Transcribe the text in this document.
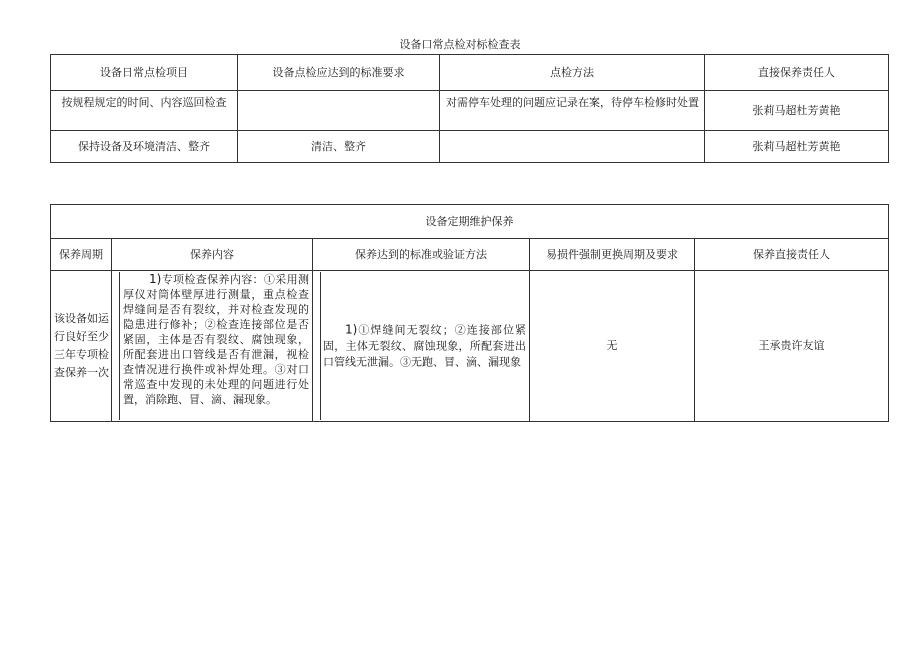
设备口常点检对标检查表
设备日常点检项目	设备点检应达到的标准要求	点检方法	直接保养责任人
按规程规定的时间、内容巡回检查		对需停车处理的问题应记录在案，待停车检修时处置	张莉马超杜芳黄艳
保持设备及环境清洁、整齐	清洁、整齐		张莉马超杜芳黄艳
设备定期维护保养				
保养周期	保养内容	保养达到的标准或验证方法	易损件强制更换周期及要求	保养直接责任人
该设备如运行良好至少三年专项检查保养一次	1)专项检查保养内容：①采用测厚仪对筒体壁厚进行测量，重点检查焊缝间是否有裂纹，并对检查发现的隐患进行修补；②检查连接部位是否紧固，主体是否有裂纹、腐蚀现象，所配套进出口管线是否有泄漏，视检查情况进行换件或补焊处理。③对口常巡查中发现的未处理的问题进行处置，消除跑、冒、滴、漏现象。	1)①焊缝间无裂纹；②连接部位紧固，主体无裂纹、腐蚀现象，所配套进出口管线无泄漏。③无跑、冒、滴、漏现象	无	王承贵许友谊
